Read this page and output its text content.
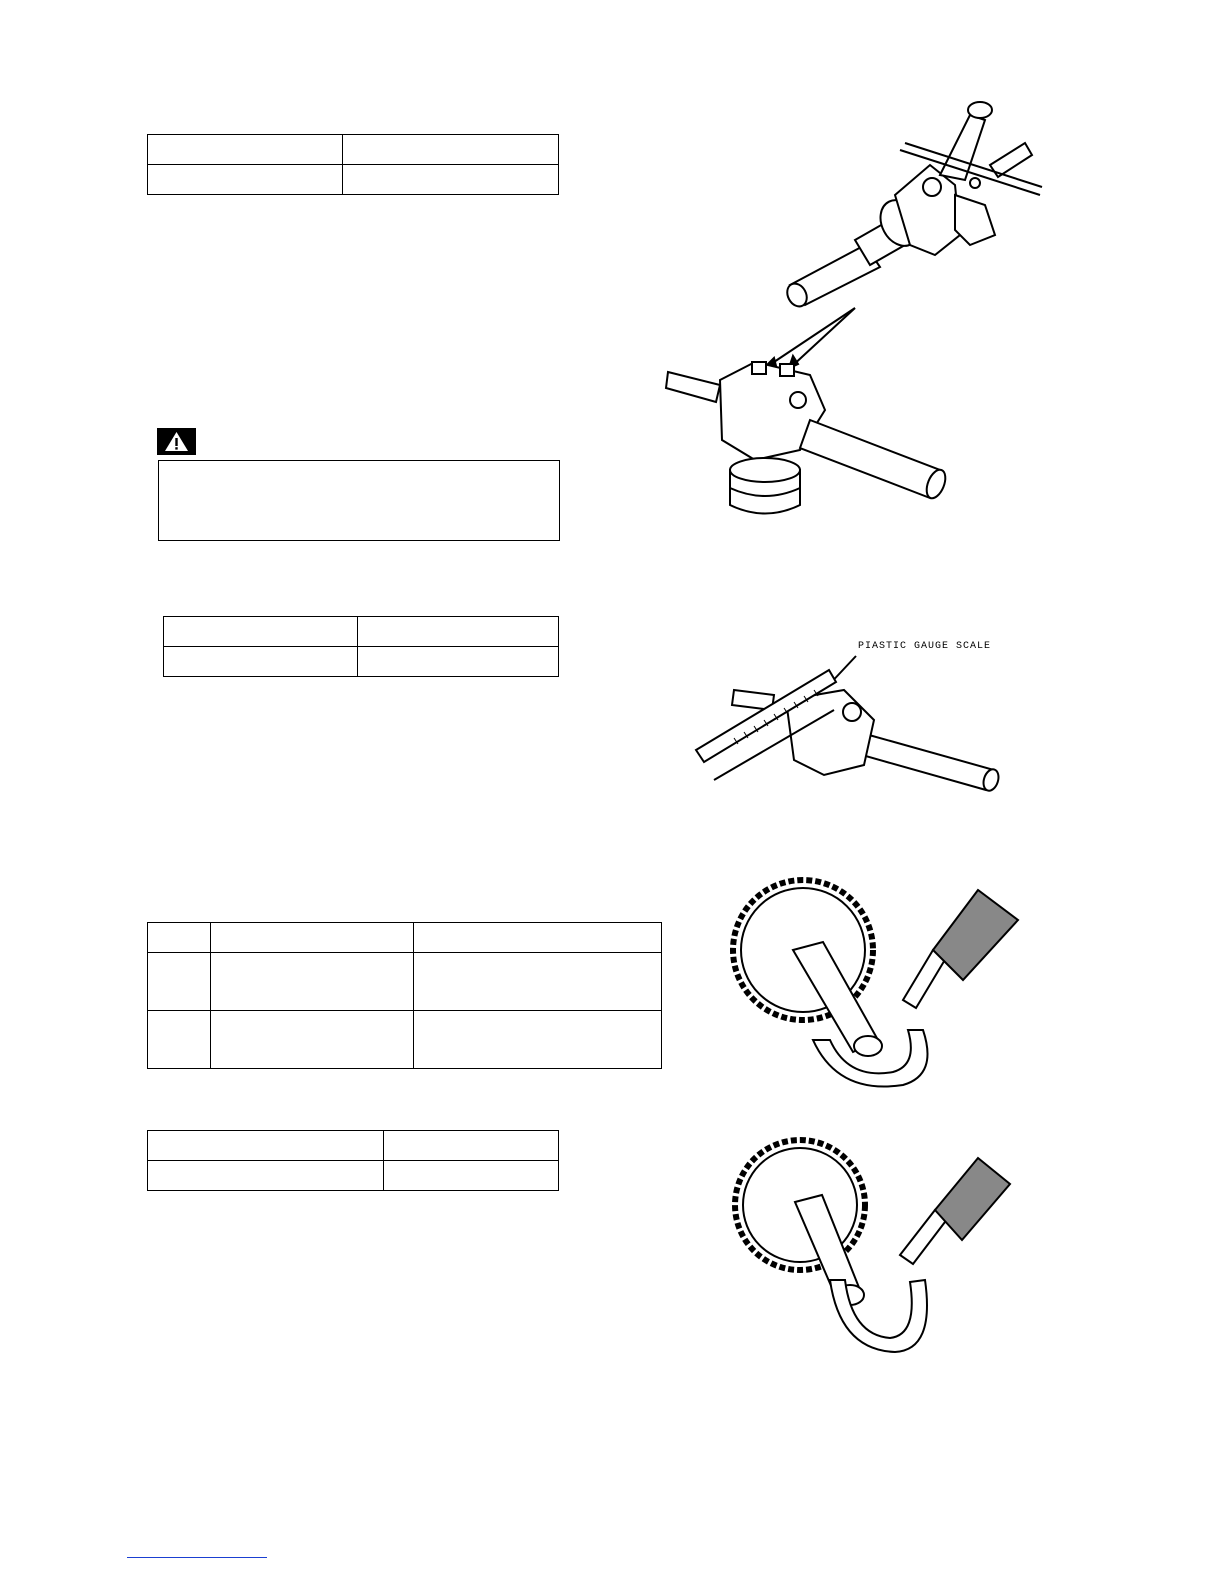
PIASTIC GAUGE SCALE
